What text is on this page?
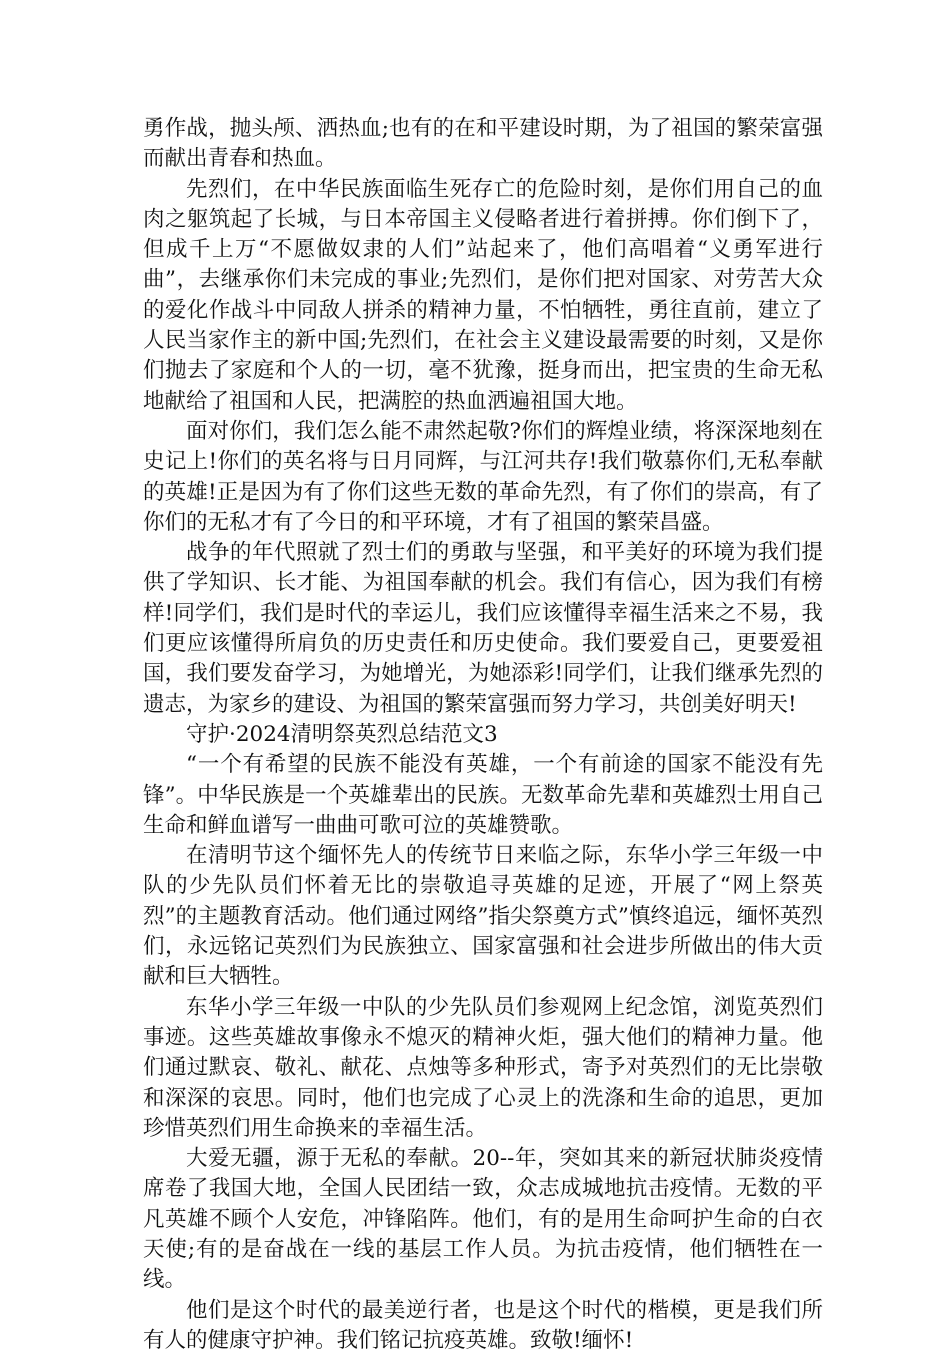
勇作战，抛头颅、洒热血;也有的在和平建设时期，为了祖国的繁荣富强而献出青春和热血。

先烈们，在中华民族面临生死存亡的危险时刻，是你们用自己的血肉之躯筑起了长城，与日本帝国主义侵略者进行着拼搏。你们倒下了，但成千上万“不愿做奴隶的人们”站起来了，他们高唱着“义勇军进行曲”，去继承你们未完成的事业;先烈们，是你们把对国家、对劳苦大众的爱化作战斗中同敌人拼杀的精神力量，不怕牺牲，勇往直前，建立了人民当家作主的新中国;先烈们，在社会主义建设最需要的时刻，又是你们抛去了家庭和个人的一切，毫不犹豫，挺身而出，把宝贵的生命无私地献给了祖国和人民，把满腔的热血洒遍祖国大地。

面对你们，我们怎么能不肃然起敬?你们的辉煌业绩，将深深地刻在史记上!你们的英名将与日月同辉，与江河共存!我们敬慕你们,无私奉献的英雄!正是因为有了你们这些无数的革命先烈，有了你们的崇高，有了你们的无私才有了今日的和平环境，才有了祖国的繁荣昌盛。

战争的年代照就了烈士们的勇敢与坚强，和平美好的环境为我们提供了学知识、长才能、为祖国奉献的机会。我们有信心，因为我们有榜样!同学们，我们是时代的幸运儿，我们应该懂得幸福生活来之不易，我们更应该懂得所肩负的历史责任和历史使命。我们要爱自己，更要爱祖国，我们要发奋学习，为她增光，为她添彩!同学们，让我们继承先烈的遗志，为家乡的建设、为祖国的繁荣富强而努力学习，共创美好明天!

守护·2024清明祭英烈总结范文3

“一个有希望的民族不能没有英雄，一个有前途的国家不能没有先锋”。中华民族是一个英雄辈出的民族。无数革命先辈和英雄烈士用自己生命和鲜血谱写一曲曲可歌可泣的英雄赞歌。

在清明节这个缅怀先人的传统节日来临之际，东华小学三年级一中队的少先队员们怀着无比的崇敬追寻英雄的足迹，开展了“网上祭英烈”的主题教育活动。他们通过网络”指尖祭奠方式”慎终追远，缅怀英烈们，永远铭记英烈们为民族独立、国家富强和社会进步所做出的伟大贡献和巨大牺牲。

东华小学三年级一中队的少先队员们参观网上纪念馆，浏览英烈们事迹。这些英雄故事像永不熄灭的精神火炬，强大他们的精神力量。他们通过默哀、敬礼、献花、点烛等多种形式，寄予对英烈们的无比崇敬和深深的哀思。同时，他们也完成了心灵上的洗涤和生命的追思，更加珍惜英烈们用生命换来的幸福生活。

大爱无疆，源于无私的奉献。20--年，突如其来的新冠状肺炎疫情席卷了我国大地，全国人民团结一致，众志成城地抗击疫情。无数的平凡英雄不顾个人安危，冲锋陷阵。他们，有的是用生命呵护生命的白衣天使;有的是奋战在一线的基层工作人员。为抗击疫情，他们牺牲在一线。

他们是这个时代的最美逆行者，也是这个时代的楷模，更是我们所有人的健康守护神。我们铭记抗疫英雄。致敬!缅怀!
